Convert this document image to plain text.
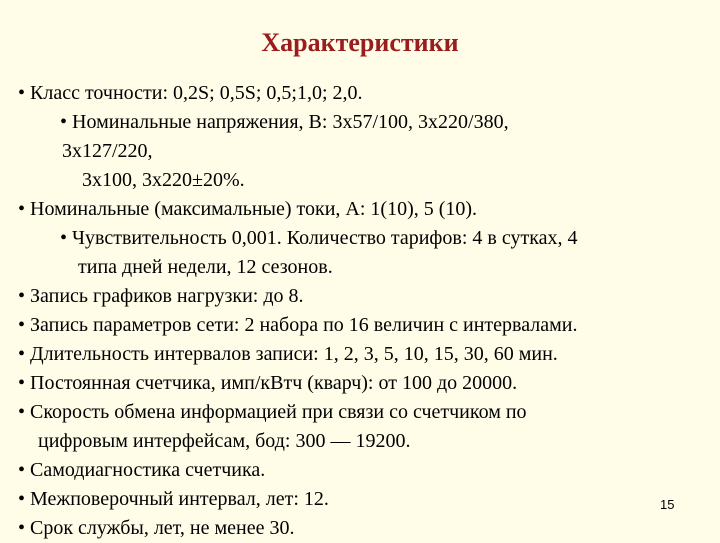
Характеристики
• Класс точности: 0,2S; 0,5S; 0,5;1,0; 2,0.
• Номинальные напряжения, В: 3х57/100, 3х220/380,
3х127/220,
3х100, 3х220±20%.
• Номинальные (максимальные) токи, А: 1(10), 5 (10).
• Чувствительность 0,001. Количество тарифов: 4 в сутках, 4
типа дней недели, 12 сезонов.
• Запись графиков нагрузки: до 8.
• Запись параметров сети: 2 набора по 16 величин с интервалами.
• Длительность интервалов записи: 1, 2, 3, 5, 10, 15, 30, 60 мин.
• Постоянная счетчика, имп/кВтч (кварч): от 100 до 20000.
• Скорость обмена информацией при связи со счетчиком по
цифровым интерфейсам, бод: 300 — 19200.
• Самодиагностика счетчика.
• Межповерочный интервал, лет: 12.
• Срок службы, лет, не менее 30.
15
